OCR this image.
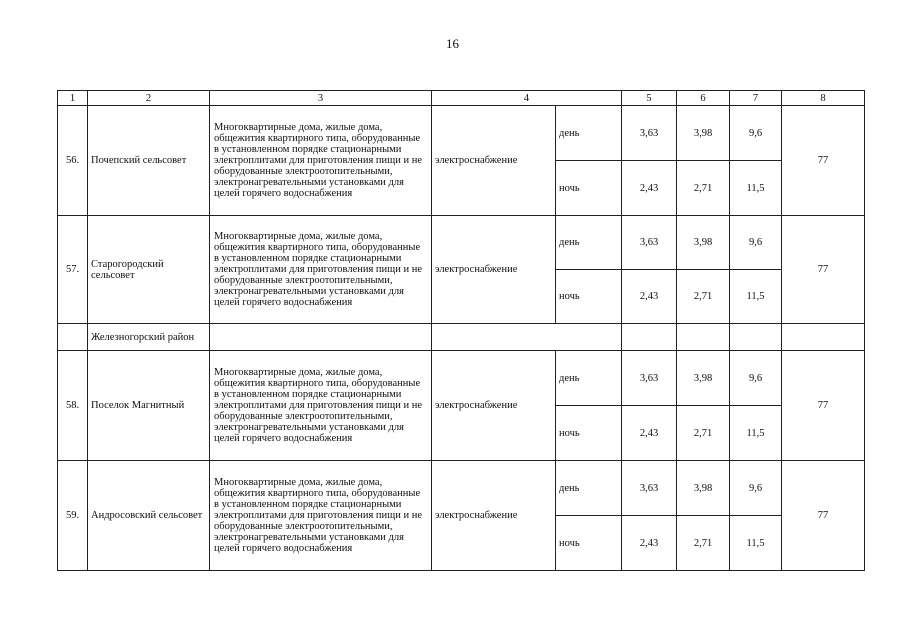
16
1	2	3	4		5	6	7	8
56.	Почепский сельсовет	Многоквартирные дома, жилые дома, общежития квартирного типа, оборудованные в установленном порядке стационарными электроплитами для приготовления пищи и не оборудованные электроотопительными, электронагревательными установками для целей горячего водоснабжения	электроснабжение	день	3,63	3,98	9,6	77
				ночь	2,43	2,71	11,5	
57.	Старогородский сельсовет	Многоквартирные дома, жилые дома, общежития квартирного типа, оборудованные в установленном порядке стационарными электроплитами для приготовления пищи и не оборудованные электроотопительными, электронагревательными установками для целей горячего водоснабжения	электроснабжение	день	3,63	3,98	9,6	77
				ночь	2,43	2,71	11,5	
	Железногорский район							
58.	Поселок Магнитный	Многоквартирные дома, жилые дома, общежития квартирного типа, оборудованные в установленном порядке стационарными электроплитами для приготовления пищи и не оборудованные электроотопительными, электронагревательными установками для целей горячего водоснабжения	электроснабжение	день	3,63	3,98	9,6	77
				ночь	2,43	2,71	11,5	
59.	Андросовский сельсовет	Многоквартирные дома, жилые дома, общежития квартирного типа, оборудованные в установленном порядке стационарными электроплитами для приготовления пищи и не оборудованные электроотопительными, электронагревательными установками для целей горячего водоснабжения	электроснабжение	день	3,63	3,98	9,6	77
				ночь	2,43	2,71	11,5	
